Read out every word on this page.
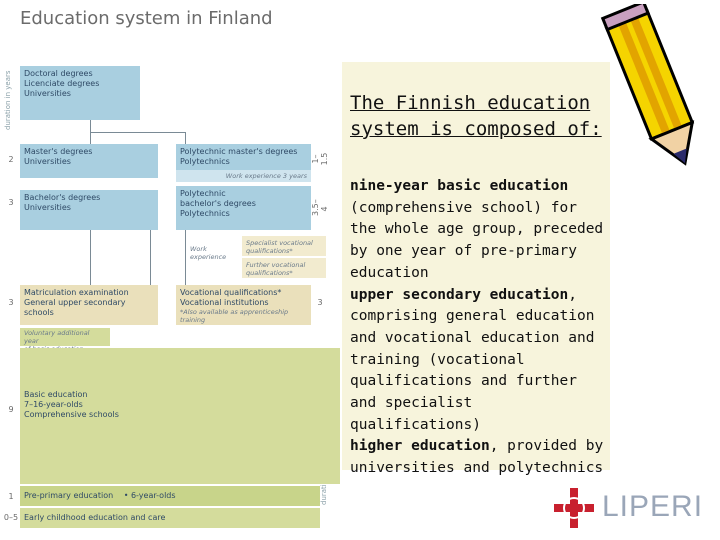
Education system in Finland
duration in years
2
3
3
9
1
0–5
1–1.5
3.5–4
3
Doctoral degrees
Licenciate degrees
Universities
Master's degrees
Universities
Polytechnic master's degrees
Polytechnics
Work experience 3 years
Bachelor's degrees
Universities
Polytechnic
bachelor's degrees
Polytechnics
Work
experience
Specialist vocational
qualifications*
Further vocational
qualifications*
Matriculation examination
General upper secondary
schools
Vocational qualifications*
Vocational institutions
*Also available as apprenticeship training
Voluntary additional year
Basic education
7–16-year-olds
Comprehensive schools
Pre-primary education • 6-year-olds
Early childhood education and care
The Finnish education system is composed of:
nine-year basic education (comprehensive school) for the whole age group, preceded by one year of pre-primary education
upper secondary education, comprising general education and vocational education and training (vocational qualifications and further and specialist qualifications)
higher education, provided by universities and polytechnics
LIPERI
